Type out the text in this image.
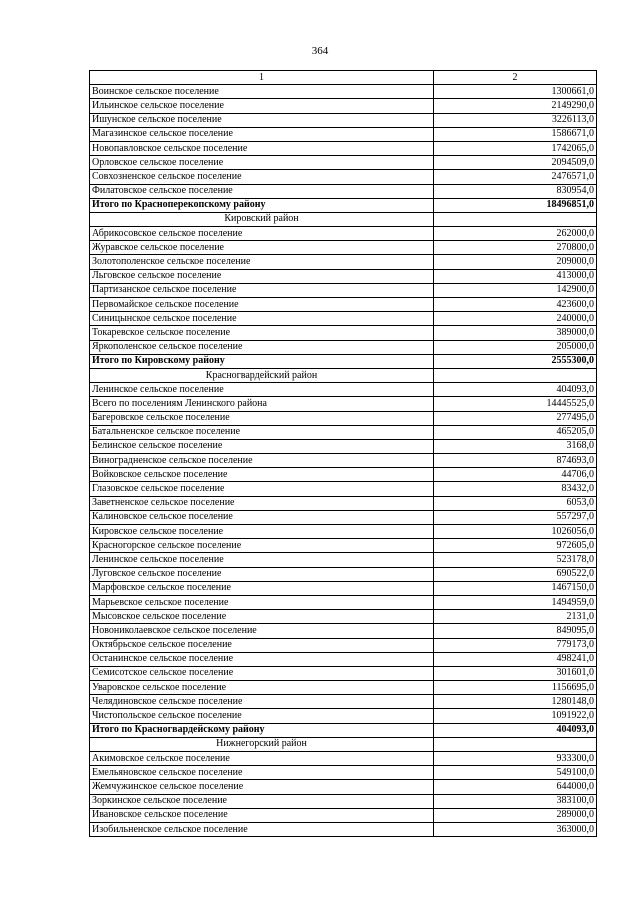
364
1	2
Воинское сельское поселение	1300661,0
Ильинское сельское поселение	2149290,0
Ишунское сельское поселение	3226113,0
Магазинское сельское поселение	1586671,0
Новопавловское сельское поселение	1742065,0
Орловское сельское поселение	2094509,0
Совхозненское сельское поселение	2476571,0
Филатовское сельское поселение	830954,0
Итого по Красноперекопскому району	18496851,0
Кировский район	
Абрикосовское сельское поселение	262000,0
Журавское сельское поселение	270800,0
Золотополенское сельское поселение	209000,0
Льговское сельское поселение	413000,0
Партизанское сельское поселение	142900,0
Первомайское сельское поселение	423600,0
Синицынское сельское поселение	240000,0
Токаревское сельское поселение	389000,0
Яркополенское сельское поселение	205000,0
Итого по Кировскому району	2555300,0
Красногвардейский район	
Ленинское сельское поселение	404093,0
Всего по поселениям Ленинского района	14445525,0
Багеровское сельское поселение	277495,0
Батальненское сельское поселение	465205,0
Белинское сельское поселение	3168,0
Виноградненское сельское поселение	874693,0
Войковское сельское поселение	44706,0
Глазовское сельское поселение	83432,0
Заветненское сельское поселение	6053,0
Калиновское сельское поселение	557297,0
Кировское сельское поселение	1026056,0
Красногорское сельское поселение	972605,0
Ленинское сельское поселение	523178,0
Луговское сельское поселение	690522,0
Марфовское сельское поселение	1467150,0
Марьевское сельское поселение	1494959,0
Мысовское сельское поселение	2131,0
Новониколаевское сельское поселение	849095,0
Октябрьское сельское поселение	779173,0
Останинское сельское поселение	498241,0
Семисотское сельское поселение	301601,0
Уваровское сельское поселение	1156695,0
Челядиновское сельское поселение	1280148,0
Чистопольское сельское поселение	1091922,0
Итого по Красногвардейскому району	404093,0
Нижнегорский район	
Акимовское сельское поселение	933300,0
Емельяновское сельское поселение	549100,0
Жемчужинское сельское поселение	644000,0
Зоркинское сельское поселение	383100,0
Ивановское сельское поселение	289000,0
Изобильненское сельское поселение	363000,0
